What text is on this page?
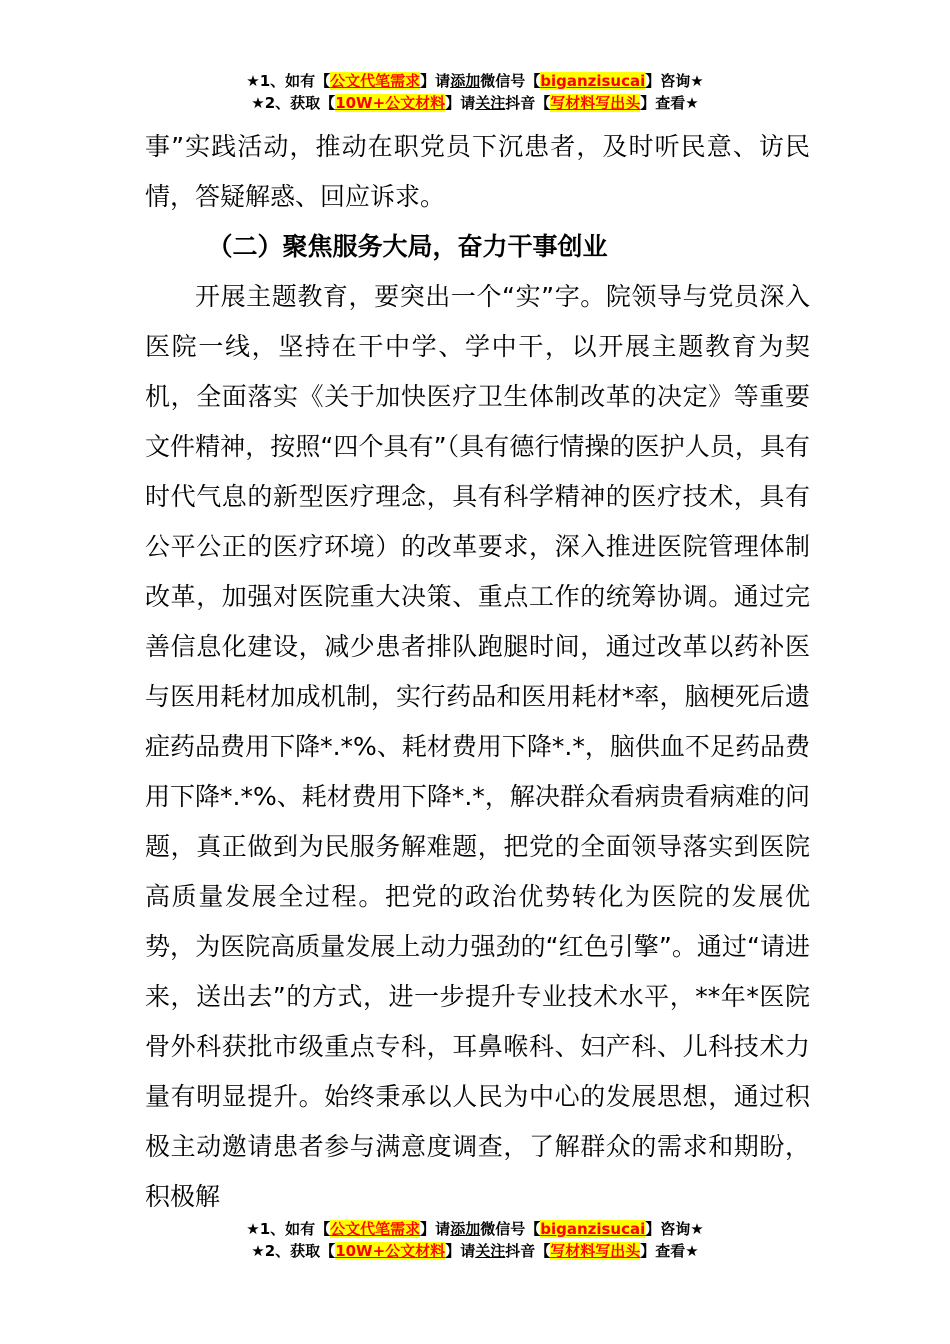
★1、如有【公文代笔需求】请添加微信号【biganzisucai】咨询★
★2、获取【10W+公文材料】请关注抖音【写材料写出头】查看★

事”实践活动，推动在职党员下沉患者，及时听民意、访民情，答疑解惑、回应诉求。

（二）聚焦服务大局，奋力干事创业

开展主题教育，要突出一个“实”字。院领导与党员深入医院一线，坚持在干中学、学中干，以开展主题教育为契机，全面落实《关于加快医疗卫生体制改革的决定》等重要文件精神，按照“四个具有”（具有德行情操的医护人员，具有时代气息的新型医疗理念，具有科学精神的医疗技术，具有公平公正的医疗环境）的改革要求，深入推进医院管理体制改革，加强对医院重大决策、重点工作的统筹协调。通过完善信息化建设，减少患者排队跑腿时间，通过改革以药补医与医用耗材加成机制，实行药品和医用耗材*率，脑梗死后遗症药品费用下降*.*%、耗材费用下降*.*，脑供血不足药品费用下降*.*%、耗材费用下降*.*，解决群众看病贵看病难的问题，真正做到为民服务解难题，把党的全面领导落实到医院高质量发展全过程。把党的政治优势转化为医院的发展优势，为医院高质量发展上动力强劲的“红色引擎”。通过“请进来，送出去”的方式，进一步提升专业技术水平，**年*医院骨外科获批市级重点专科，耳鼻喉科、妇产科、儿科技术力量有明显提升。始终秉承以人民为中心的发展思想，通过积极主动邀请患者参与满意度调查，了解群众的需求和期盼，积极解

★1、如有【公文代笔需求】请添加微信号【biganzisucai】咨询★
★2、获取【10W+公文材料】请关注抖音【写材料写出头】查看★
